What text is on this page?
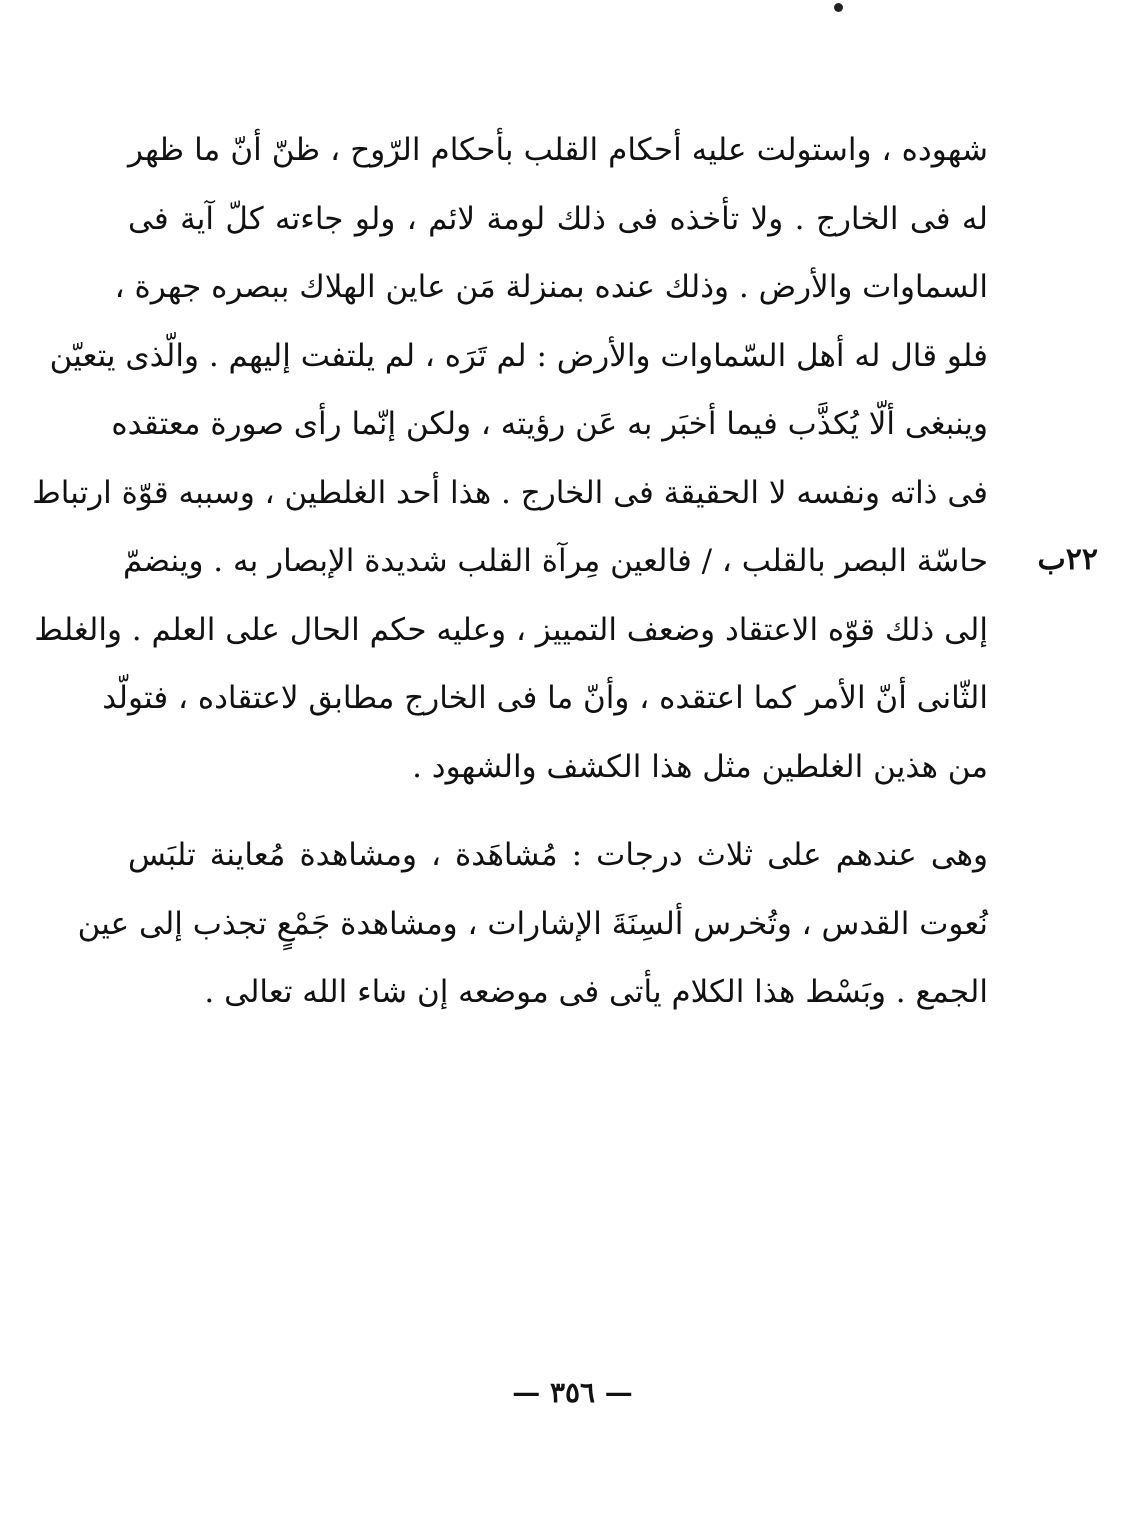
شهوده ، واستولت عليه أحكام القلب بأحكام الرّوح ، ظنّ أنّ ما ظهر
له فى الخارج . ولا تأخذه فى ذلك لومة لائم ، ولو جاءته كلّ آية فى
السماوات والأرض . وذلك عنده بمنزلة مَن عاين الهلاك ببصره جهرة ،
فلو قال له أهل السّماوات والأرض : لم تَرَه ، لم يلتفت إليهم . والّذى يتعيّن
وينبغى ألّا يُكذَّب فيما أخبَر به عَن رؤيته ، ولكن إنّما رأى صورة معتقده
فى ذاته ونفسه لا الحقيقة فى الخارج . هذا أحد الغلطين ، وسببه قوّة ارتباط
حاسّة البصر بالقلب ، / فالعين مِرآة القلب شديدة الإبصار به . وينضمّ
إلى ذلك قوّه الاعتقاد وضعف التمييز ، وعليه حكم الحال على العلم . والغلط
الثّانى أنّ الأمر كما اعتقده ، وأنّ ما فى الخارج مطابق لاعتقاده ، فتولّد
من هذين الغلطين مثل هذا الكشف والشهود .
٢٢ب
وهى عندهم على ثلاث درجات : مُشاهَدة ، ومشاهدة مُعاينة تلبَس
نُعوت القدس ، وتُخرس ألسِنَةَ الإشارات ، ومشاهدة جَمْعٍ تجذب إلى عين
الجمع . وبَسْط هذا الكلام يأتى فى موضعه إن شاء الله تعالى .
— ٣٥٦ —
